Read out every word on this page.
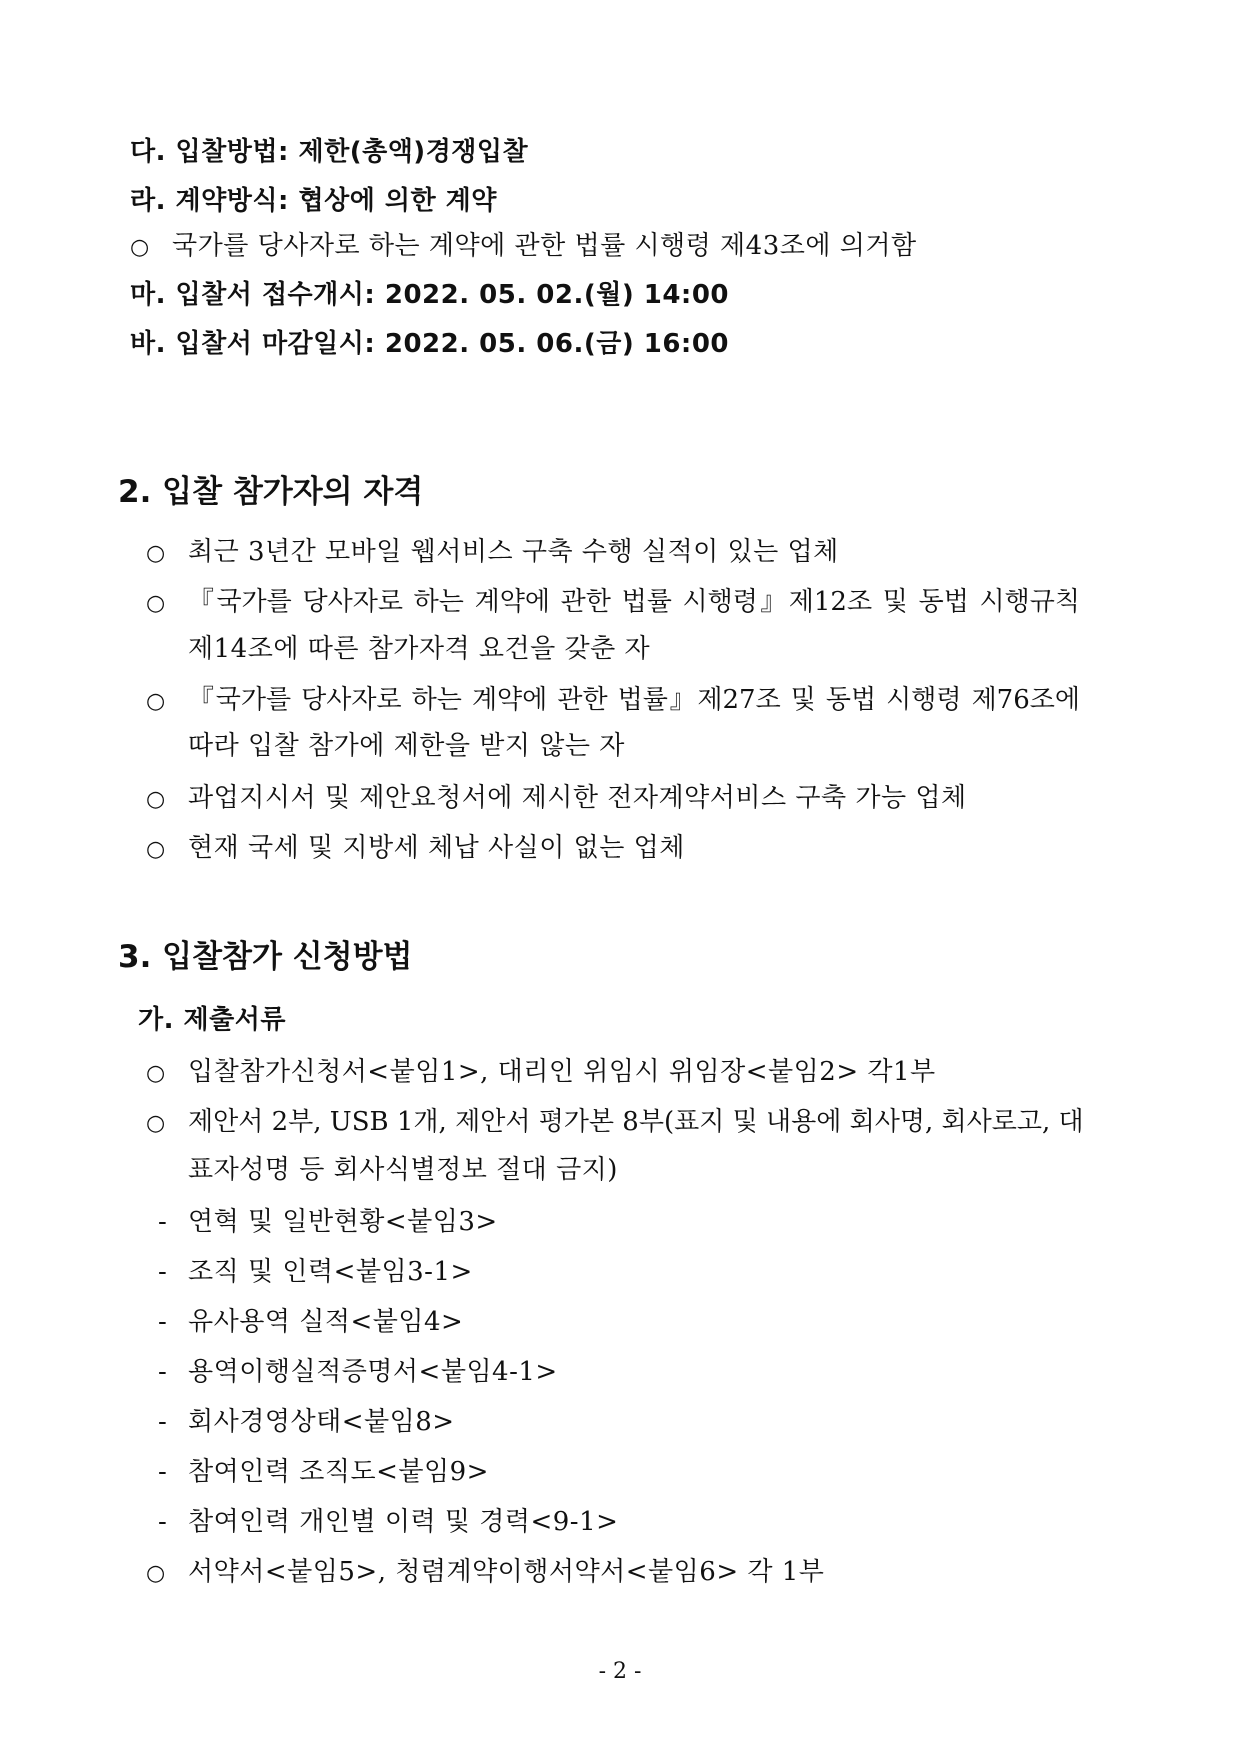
다. 입찰방법: 제한(총액)경쟁입찰
라. 계약방식: 협상에 의한 계약
○ 국가를 당사자로 하는 계약에 관한 법률 시행령 제43조에 의거함
마. 입찰서 접수개시: 2022. 05. 02.(월) 14:00
바. 입찰서 마감일시: 2022. 05. 06.(금) 16:00
2. 입찰 참가자의 자격
○ 최근 3년간 모바일 웹서비스 구축 수행 실적이 있는 업체
○ 『국가를 당사자로 하는 계약에 관한 법률 시행령』제12조 및 동법 시행규칙
제14조에 따른 참가자격 요건을 갖춘 자
○ 『국가를 당사자로 하는 계약에 관한 법률』제27조 및 동법 시행령 제76조에
따라 입찰 참가에 제한을 받지 않는 자
○ 과업지시서 및 제안요청서에 제시한 전자계약서비스 구축 가능 업체
○ 현재 국세 및 지방세 체납 사실이 없는 업체
3. 입찰참가 신청방법
가. 제출서류
○ 입찰참가신청서<붙임1>, 대리인 위임시 위임장<붙임2> 각1부
○ 제안서 2부, USB 1개, 제안서 평가본 8부(표지 및 내용에 회사명, 회사로고, 대
표자성명 등 회사식별정보 절대 금지)
- 연혁 및 일반현황<붙임3>
- 조직 및 인력<붙임3-1>
- 유사용역 실적<붙임4>
- 용역이행실적증명서<붙임4-1>
- 회사경영상태<붙임8>
- 참여인력 조직도<붙임9>
- 참여인력 개인별 이력 및 경력<9-1>
○ 서약서<붙임5>, 청렴계약이행서약서<붙임6> 각 1부
- 2 -
